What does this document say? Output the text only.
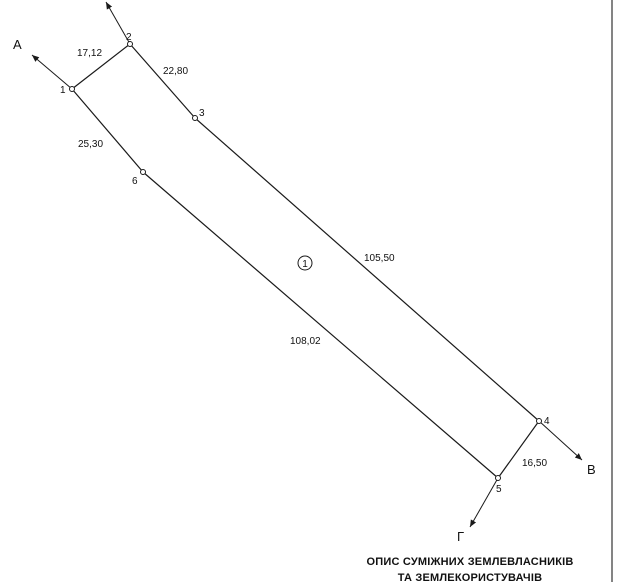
1
2
3
4
5
6
17,12
22,80
105,50
16,50
108,02
25,30
1
А
В
Г
ОПИС СУМІЖНИХ ЗЕМЛЕВЛАСНИКІВ
ТА ЗЕМЛЕКОРИСТУВАЧІВ
